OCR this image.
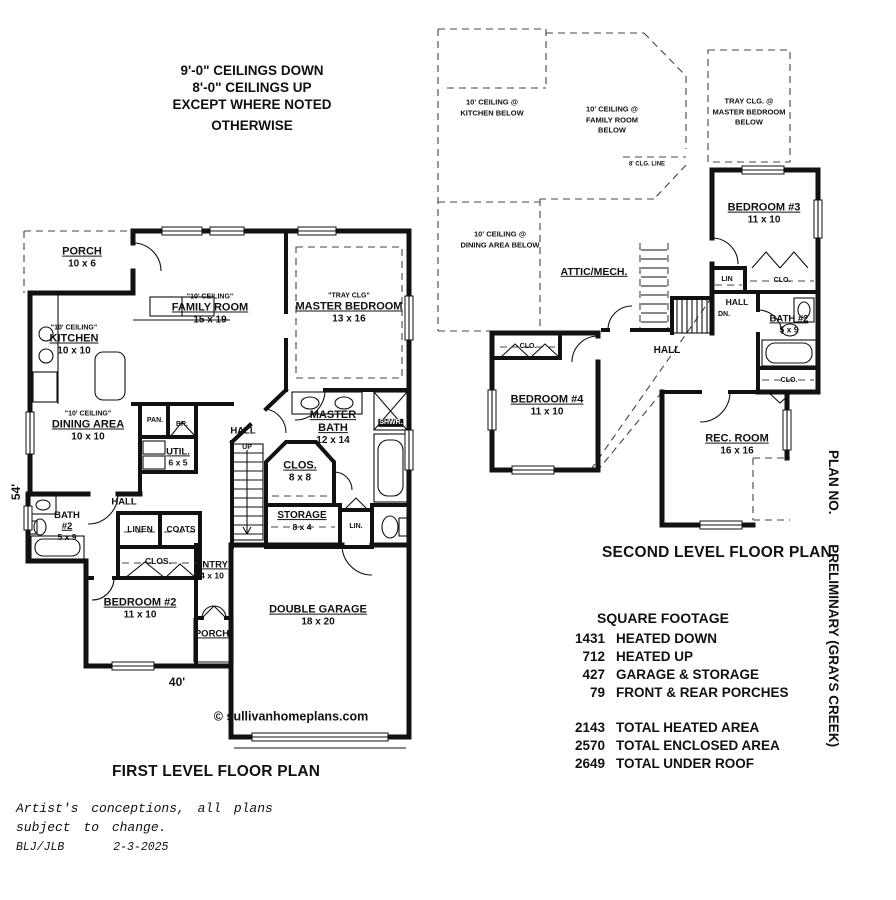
9'-0" CEILINGS DOWN
8'-0" CEILINGS UP
EXCEPT WHERE NOTED
OTHERWISE
PORCH
10 x 6
"10' CEILING"
KITCHEN
10 x 10
"10' CEILING"
FAMILY ROOM
15 x 19
"TRAY CLG"
MASTER BEDROOM
13 x 16
"10' CEILING"
DINING AREA
10 x 10
PAN.
BR.
UTIL.
6 x 5
HALL
UP
MASTER
BATH
12 x 14
SHWR.
CLOS.
8 x 8
HALL
BATH
#2
5 x 9
LINEN COATS
STORAGE
8 x 4	LIN.
CLOS.
BEDROOM #2
11 x 10
ENTRY
4 x 10
PORCH
DOUBLE GARAGE
18 x 20
© sullivanhomeplans.com
54'
40'
FIRST LEVEL FLOOR PLAN
10' CEILING @
KITCHEN BELOW	10' CEILING @
FAMILY ROOM
BELOW
TRAY CLG. @
MASTER BEDROOM
BELOW
8' CLG. LINE
10' CEILING @
DINING AREA BELOW
ATTIC/MECH.
BEDROOM #3
11 x 10
CLO.
LIN
HALL
DN.	BATH #2
5 x 9
CLO.
HALL
CLO.
BEDROOM #4
11 x 10
REC. ROOM
16 x 16
SECOND LEVEL FLOOR PLAN
SQUARE FOOTAGE
1431 HEATED DOWN
712 HEATED UP
427 GARAGE & STORAGE
79 FRONT & REAR PORCHES
2143 TOTAL HEATED AREA
2570 TOTAL ENCLOSED AREA
2649 TOTAL UNDER ROOF
PLAN NO. PRELIMINARY (GRAYS CREEK)
Artist's conceptions, all plans
subject to change.
BLJ/JLB	2-3-2025
